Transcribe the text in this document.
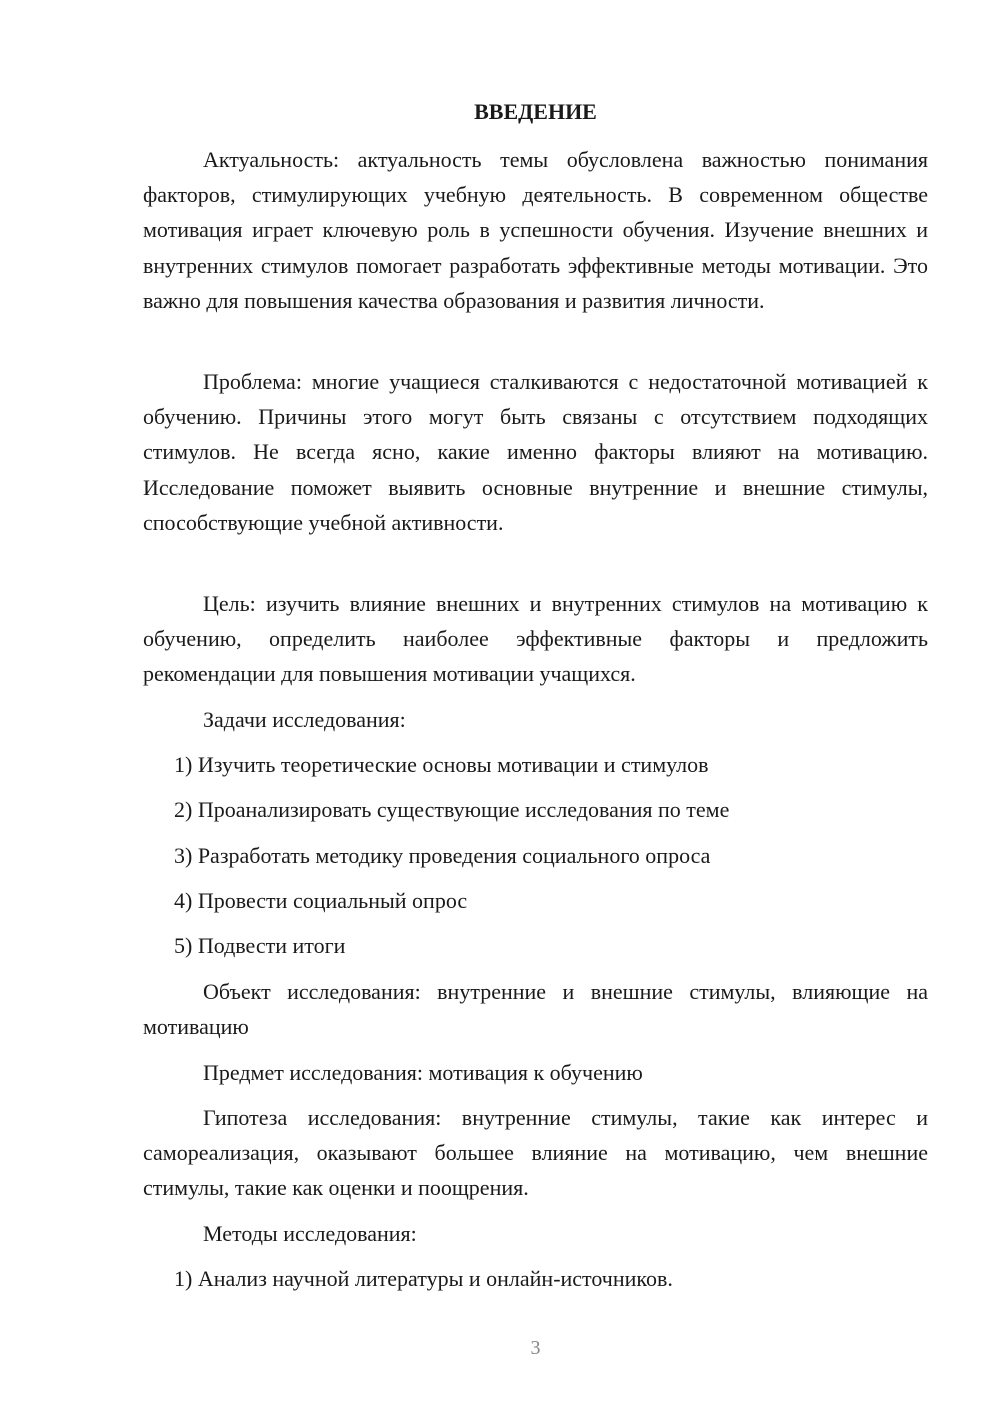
ВВЕДЕНИЕ

Актуальность: актуальность темы обусловлена важностью понимания факторов, стимулирующих учебную деятельность. В современном обществе мотивация играет ключевую роль в успешности обучения. Изучение внешних и внутренних стимулов помогает разработать эффективные методы мотивации. Это важно для повышения качества образования и развития личности.

Проблема: многие учащиеся сталкиваются с недостаточной мотивацией к обучению. Причины этого могут быть связаны с отсутствием подходящих стимулов. Не всегда ясно, какие именно факторы влияют на мотивацию. Исследование поможет выявить основные внутренние и внешние стимулы, способствующие учебной активности.

Цель: изучить влияние внешних и внутренних стимулов на мотивацию к обучению, определить наиболее эффективные факторы и предложить рекомендации для повышения мотивации учащихся.

Задачи исследования:

1) Изучить теоретические основы мотивации и стимулов

2) Проанализировать существующие исследования по теме

3) Разработать методику проведения социального опроса

4) Провести социальный опрос

5) Подвести итоги

Объект исследования: внутренние и внешние стимулы, влияющие на мотивацию

Предмет исследования: мотивация к обучению

Гипотеза исследования: внутренние стимулы, такие как интерес и самореализация, оказывают большее влияние на мотивацию, чем внешние стимулы, такие как оценки и поощрения.

Методы исследования:

1) Анализ научной литературы и онлайн-источников.

3
